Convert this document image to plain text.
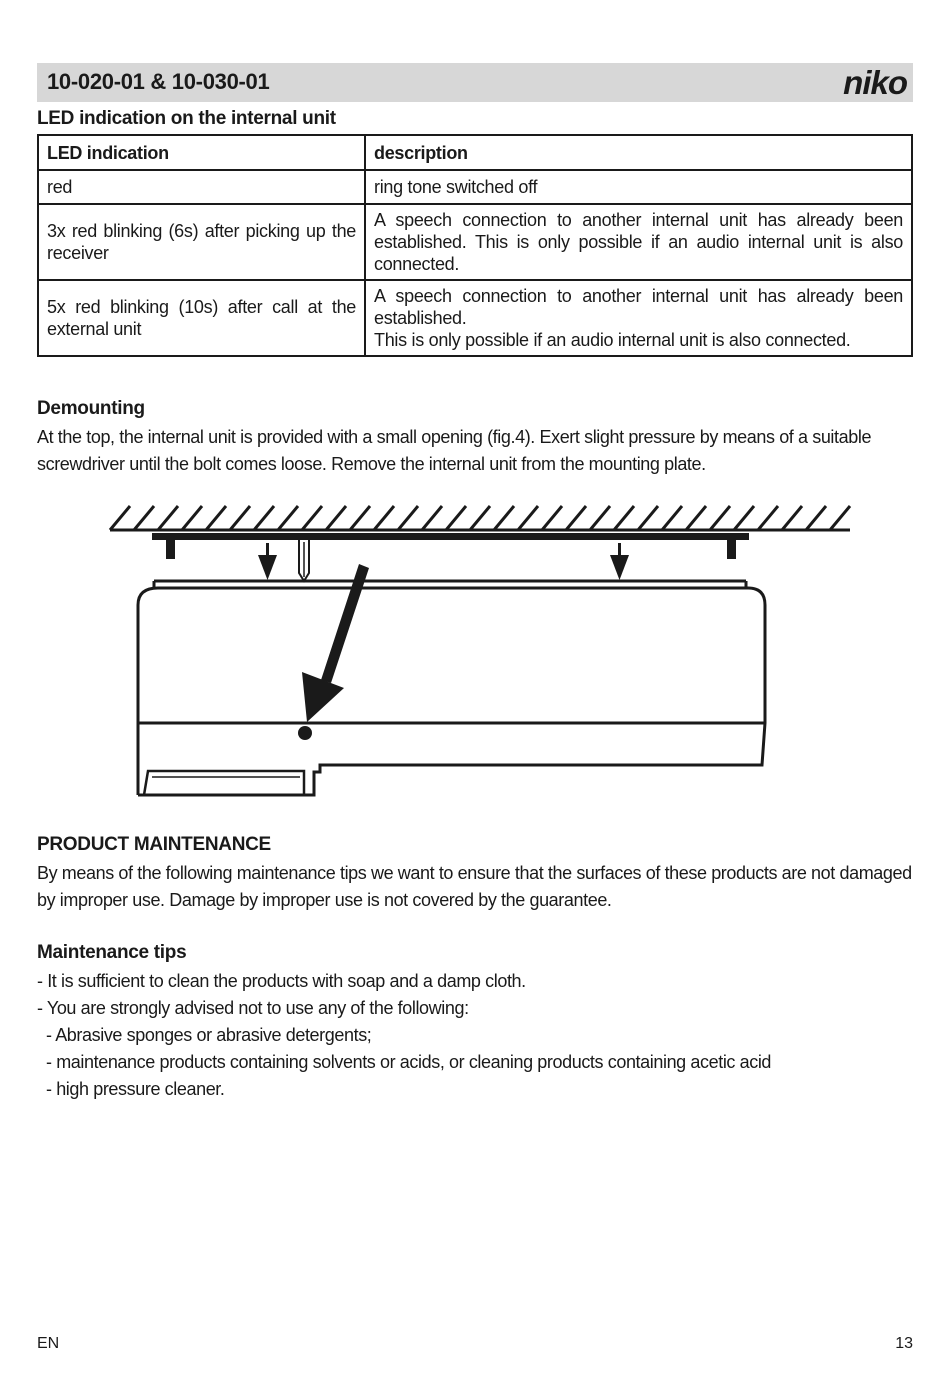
10-020-01 & 10-030-01	niko
LED indication on the internal unit
LED indication	description
red	ring tone switched off
3x red blinking (6s) after picking up the receiver	A speech connection to another internal unit has already been established. This is only possible if an audio internal unit is also connected.
5x red blinking (10s) after call at the external unit	A speech connection to another internal unit has already been established.
This is only possible if an audio internal unit is also connected.
Demounting
At the top, the internal unit is provided with a small opening (fig.4). Exert slight pressure by means of a suitable screwdriver until the bolt comes loose. Remove the internal unit from the mounting plate.
PRODUCT MAINTENANCE
By means of the following maintenance tips we want to ensure that the surfaces of these products are not damaged by improper use. Damage by improper use is not covered by the guarantee.
Maintenance tips
- It is sufficient to clean the products with soap and a damp cloth.
- You are strongly advised not to use any of the following:
- Abrasive sponges or abrasive detergents;
- maintenance products containing solvents or acids, or cleaning products containing acetic acid
- high pressure cleaner.
EN	13
